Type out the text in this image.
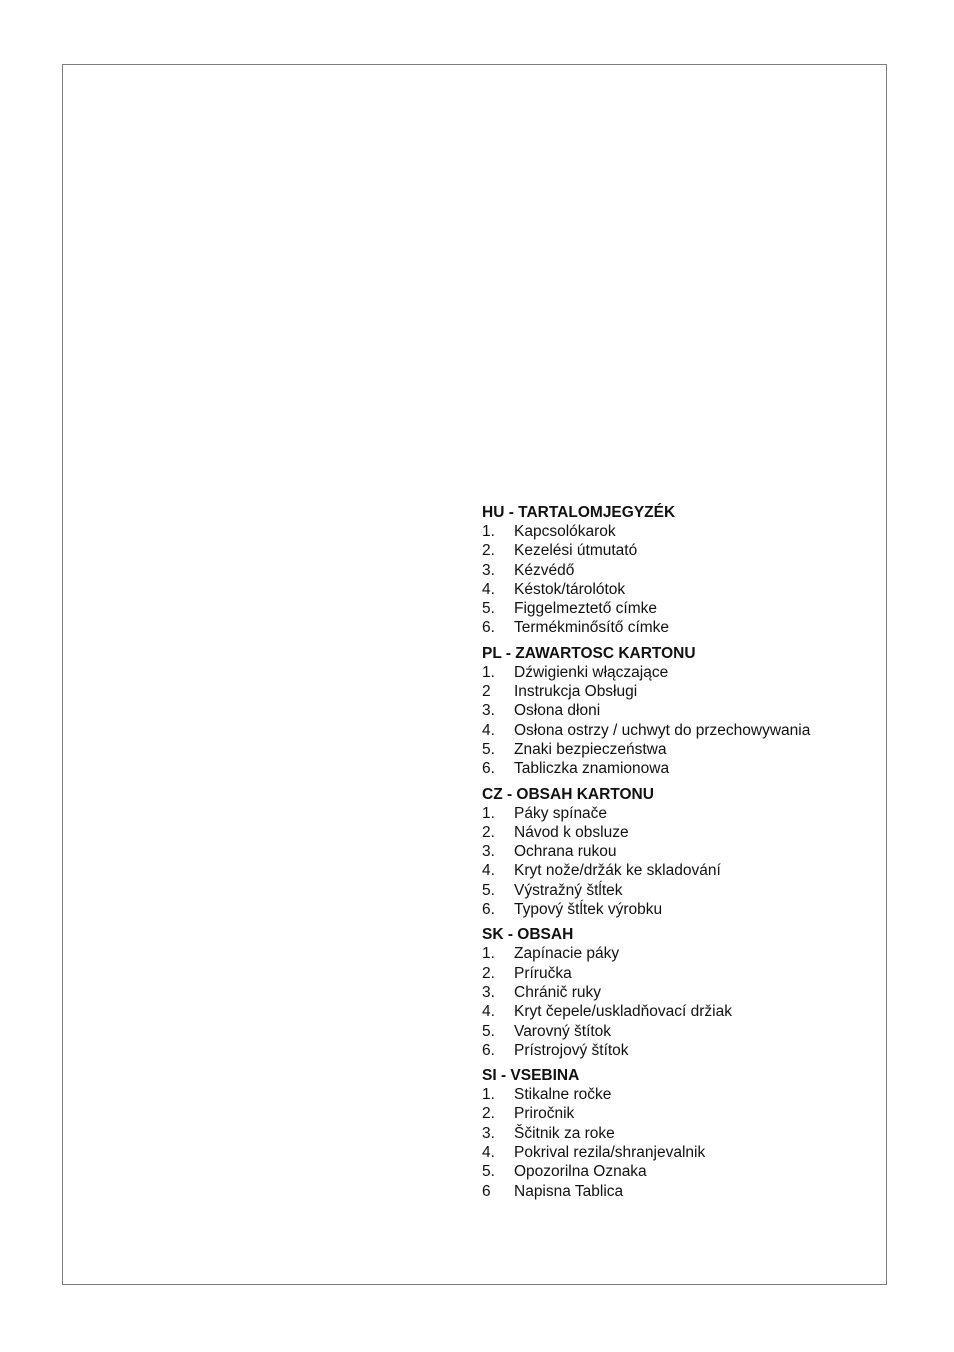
HU - TARTALOMJEGYZÉK
1.	Kapcsolókarok
2.	Kezelési útmutató
3.	Kézvédő
4.	Késtok/tárolótok
5.	Figgelmeztető címke
6.	Termékminősítő címke
PL - ZAWARTOSC KARTONU
1.	Dźwigienki włączające
2	Instrukcja Obsługi
3.	Osłona dłoni
4.	Osłona ostrzy / uchwyt do przechowywania
5.	Znaki bezpieczeństwa
6.	Tabliczka znamionowa
CZ - OBSAH KARTONU
1.	Páky spínače
2.	Návod k obsluze
3.	Ochrana rukou
4.	Kryt nože/držák ke skladování
5.	Výstražný štĺtek
6.	Typový štĺtek výrobku
SK - OBSAH
1.	Zapínacie páky
2.	Príručka
3.	Chránič ruky
4.	Kryt čepele/uskladňovací držiak
5.	Varovný štítok
6.	Prístrojový štítok
SI - VSEBINA
1.	Stikalne ročke
2.	Priročnik
3.	Ščitnik za roke
4.	Pokrival rezila/shranjevalnik
5.	Opozorilna Oznaka
6	Napisna Tablica
